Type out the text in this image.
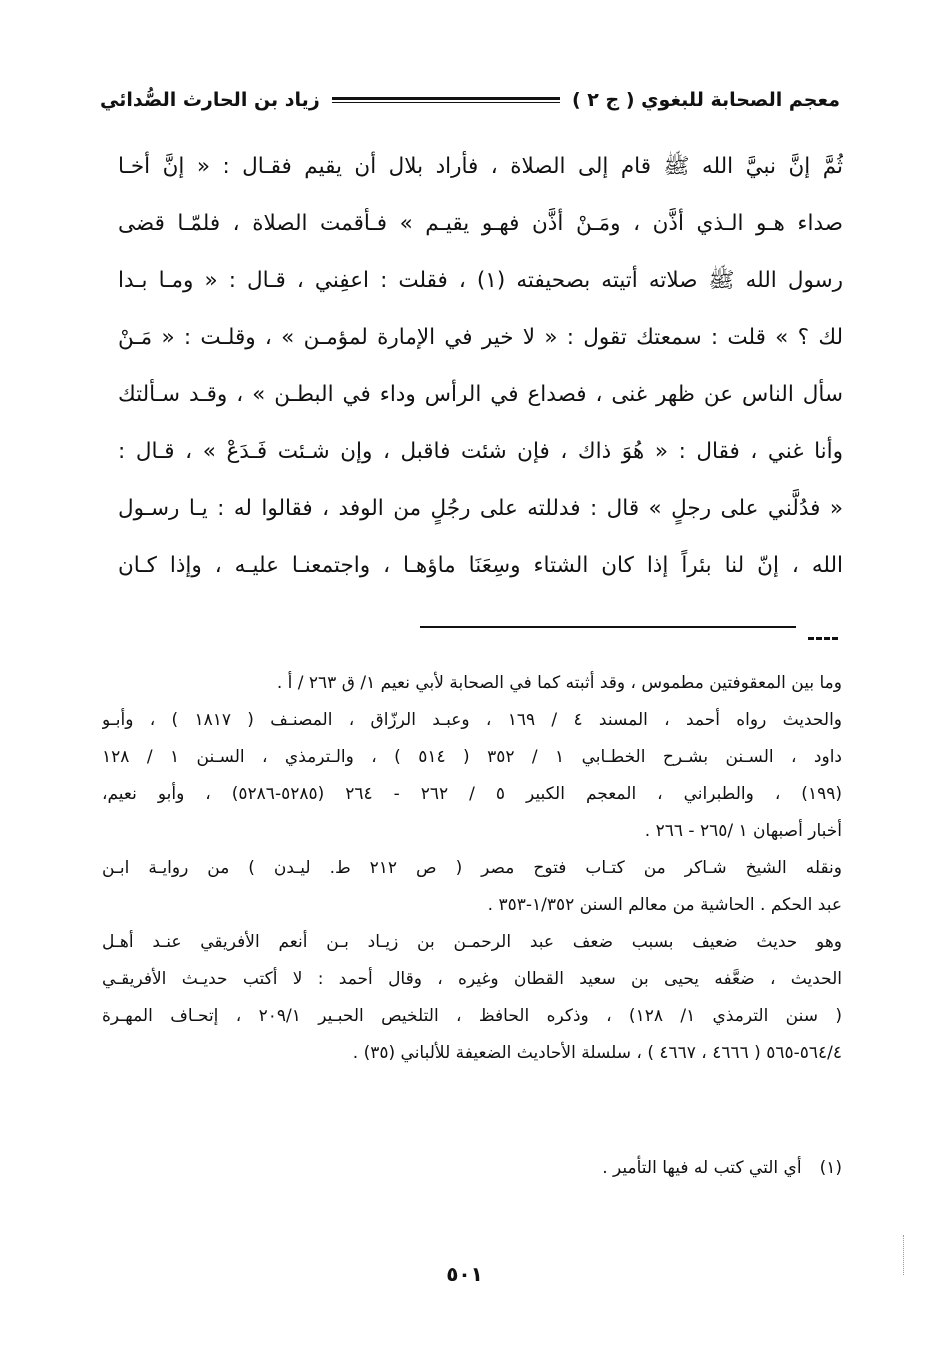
معجم الصحابة للبغوي ( ج ٢ )
زياد بن الحارث الصُّدائي
ثُمَّ إنَّ نبيَّ الله ﷺ قام إلى الصلاة ، فأراد بلال أن يقيم فقـال : « إنَّ أخـا
صداء هـو الـذي أذَّن ، ومَـنْ أذَّن فهـو يقيـم » فـأقمت الصلاة ، فلمّـا قضى
رسول الله ﷺ صلاته أتيته بصحيفته (١) ، فقلت : اعفِني ، قـال : « ومـا بـدا
لك ؟ » قلت : سمعتك تقول : « لا خير في الإمارة لمؤمـن » ، وقلـت : « مَـنْ
سأل الناس عن ظهر غنى ، فصداع في الرأس وداء في البطـن » ، وقـد سـألتك
وأنا غني ، فقال : « هُوَ ذاك ، فإن شئت فاقبل ، وإن شـئت فَـدَعْ » ، قـال :
« فدُلَّني على رجلٍ » قال : فدللته على رجُلٍ من الوفد ، فقالوا له : يـا رسـول
الله ، إنّ لنا بئراً إذا كان الشتاء وسِعَنَا ماؤهـا ، واجتمعنـا عليـه ، وإذا كـان
وما بين المعقوفتين مطموس ، وقد أثبته كما في الصحابة لأبي نعيم ١/ ق ٢٦٣ / أ .
والحديث رواه أحمد ، المسند ٤ / ١٦٩ ، وعبـد الرزّاق ، المصنـف ( ١٨١٧ ) ، وأبـو
داود ، السـنن بشـرح الخطـابي ١ / ٣٥٢ ( ٥١٤ ) ، والـترمذي ، السـنن ١ / ١٢٨
(١٩٩) ، والطبراني ، المعجم الكبير ٥ / ٢٦٢ - ٢٦٤ (٥٢٨٥-٥٢٨٦) ، وأبو نعيم،
أخبار أصبهان ١ /٢٦٥ - ٢٦٦ .
ونقله الشيخ شـاكر من كتـاب فتوح مصر ( ص ٢١٢ ط. ليـدن ) من روايـة ابـن
عبد الحكم . الحاشية من معالم السنن ١/٣٥٢-٣٥٣ .
وهو حديث ضعيف بسبب ضعف عبد الرحمـن بن زيـاد بـن أنعم الأفريقي عنـد أهـل
الحديث ، ضعَّفه يحيى بن سعيد القطان وغيره ، وقال أحمد : لا أكتب حديـث الأفريقـي
( سنن الترمذي ١/ ١٢٨) ، وذكره الحافظ ، التلخيص الحبـير ٢٠٩/١ ، إتحـاف المهـرة
٥٦٤/٤-٥٦٥ ( ٤٦٦٦ ، ٤٦٦٧ ) ، سلسلة الأحاديث الضعيفة للألباني (٣٥) .
(١)أي التي كتب له فيها التأمير .
٥٠١
